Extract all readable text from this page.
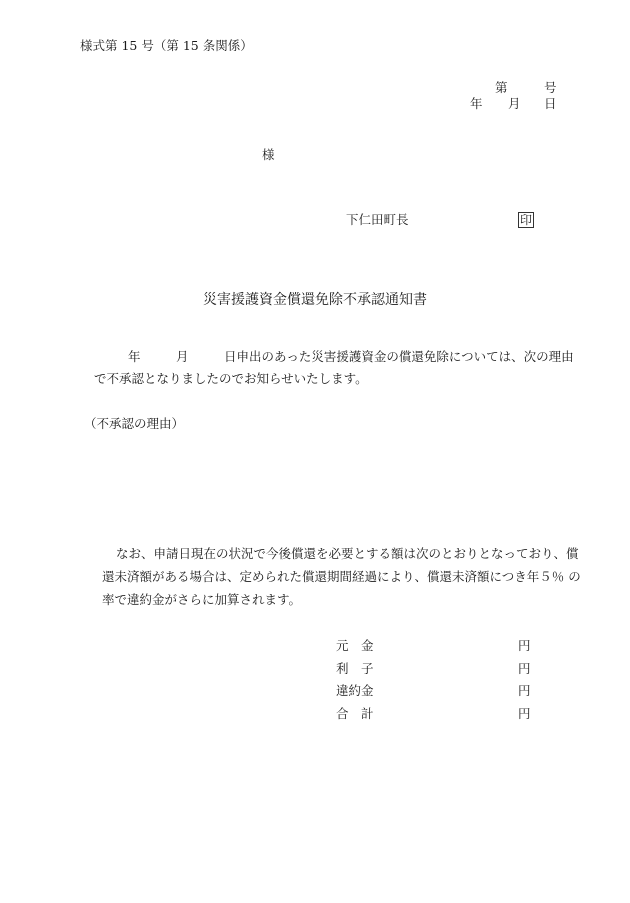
様式第 15 号（第 15 条関係）
第	号
年 月 日
様
下仁田町長	印
災害援護資金償還免除不承認通知書
年	月	日申出のあった災害援護資金の償還免除については、次の理由
で不承認となりましたのでお知らせいたします。
（不承認の理由）
なお、申請日現在の状況で今後償還を必要とする額は次のとおりとなっており、償
還未済額がある場合は、定められた償還期間経過により、償還未済額につき年５％ の
率で違約金がさらに加算されます。
元　金	円
利　子	円
違約金	円
合　計	円
